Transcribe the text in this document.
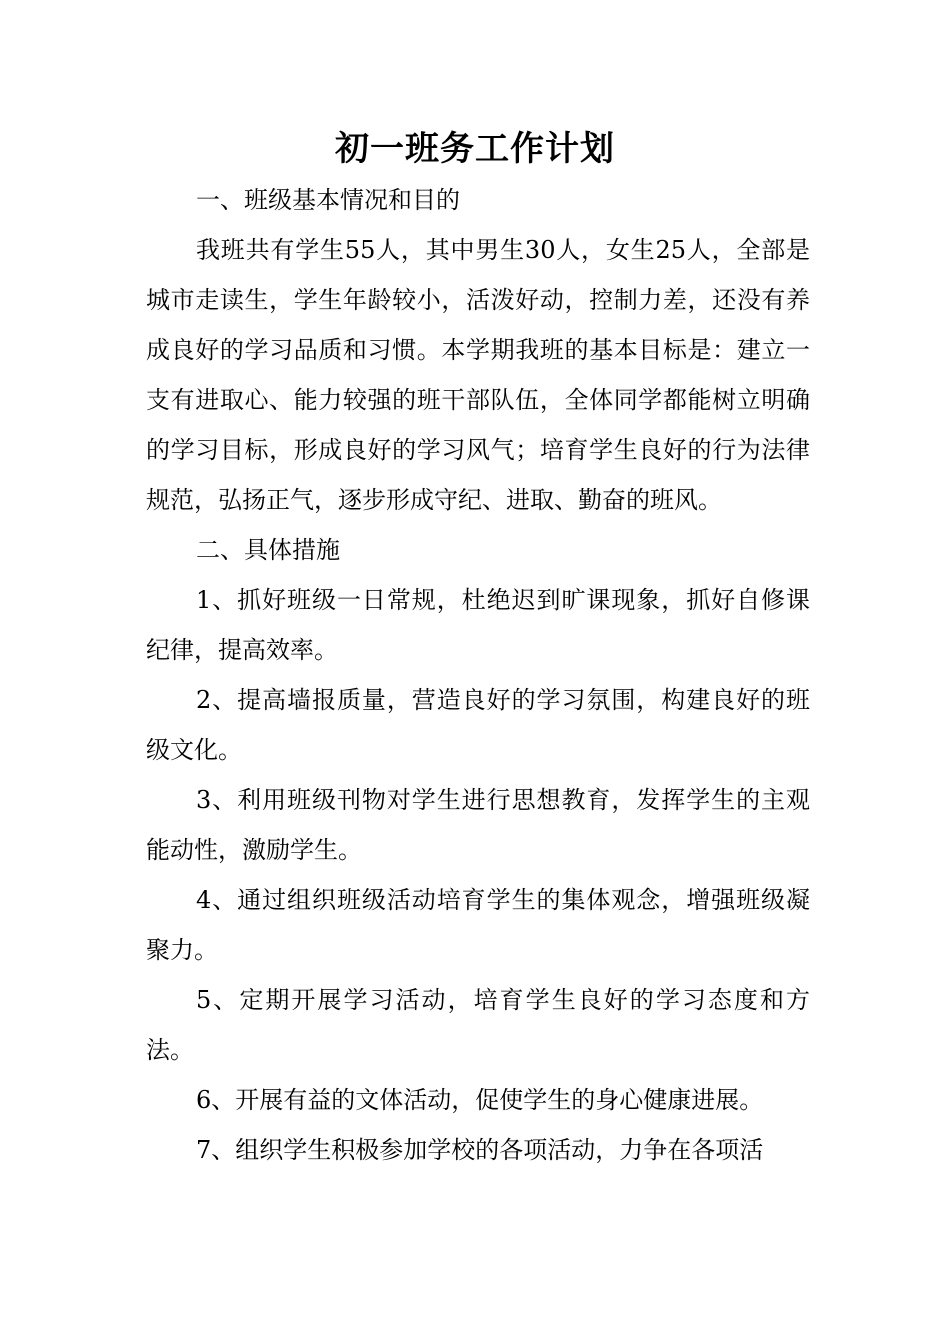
初一班务工作计划

一、班级基本情况和目的

我班共有学生55人，其中男生30人，女生25人，全部是城市走读生，学生年龄较小，活泼好动，控制力差，还没有养成良好的学习品质和习惯。本学期我班的基本目标是：建立一支有进取心、能力较强的班干部队伍，全体同学都能树立明确的学习目标，形成良好的学习风气；培育学生良好的行为法律规范，弘扬正气，逐步形成守纪、进取、勤奋的班风。

二、具体措施

1、抓好班级一日常规，杜绝迟到旷课现象，抓好自修课纪律，提高效率。

2、提高墙报质量，营造良好的学习氛围，构建良好的班级文化。

3、利用班级刊物对学生进行思想教育，发挥学生的主观能动性，激励学生。

4、通过组织班级活动培育学生的集体观念，增强班级凝聚力。

5、定期开展学习活动，培育学生良好的学习态度和方法。

6、开展有益的文体活动，促使学生的身心健康进展。

7、组织学生积极参加学校的各项活动，力争在各项活
